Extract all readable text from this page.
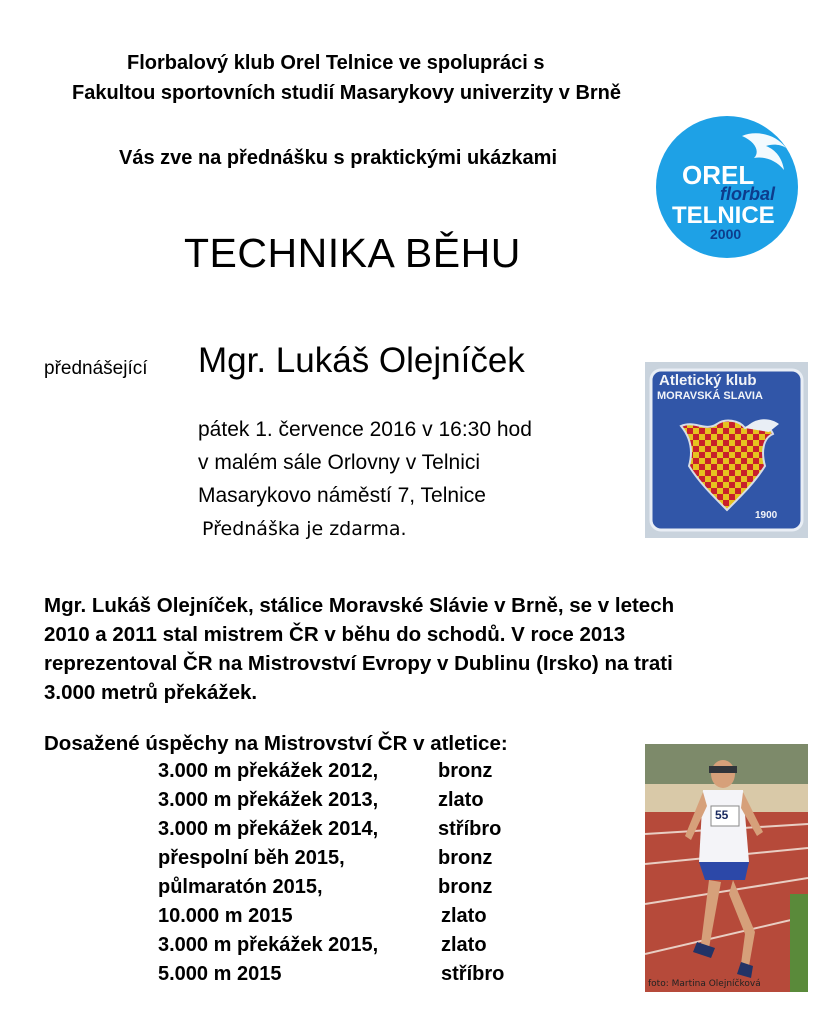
Florbalový klub Orel Telnice ve spolupráci s
Fakultou sportovních studií Masarykovy univerzity v Brně
Vás zve na přednášku s praktickými ukázkami
OREL
florbal
TELNICE
2000
TECHNIKA BĚHU
přednášející Mgr. Lukáš Olejníček
pátek 1. července 2016 v 16:30 hod
v malém sále Orlovny v Telnici
Masarykovo náměstí 7, Telnice
Přednáška je zdarma.
Atletický klub
MORAVSKÁ SLAVIA
1900
Mgr. Lukáš Olejníček, stálice Moravské Slávie v Brně, se v letech
2010 a 2011 stal mistrem ČR v běhu do schodů. V roce 2013
reprezentoval ČR na Mistrovství Evropy v Dublinu (Irsko) na trati
3.000 metrů překážek.
Dosažené úspěchy na Mistrovství ČR v atletice:
3.000 m překážek 2012,	bronz
3.000 m překážek 2013,	zlato
3.000 m překážek 2014,	stříbro
přespolní běh 2015,	bronz
půlmaratón 2015,	bronz
10.000 m 2015	zlato
3.000 m překážek 2015,	zlato
5.000 m 2015	stříbro
55
foto: Martina Olejníčková
